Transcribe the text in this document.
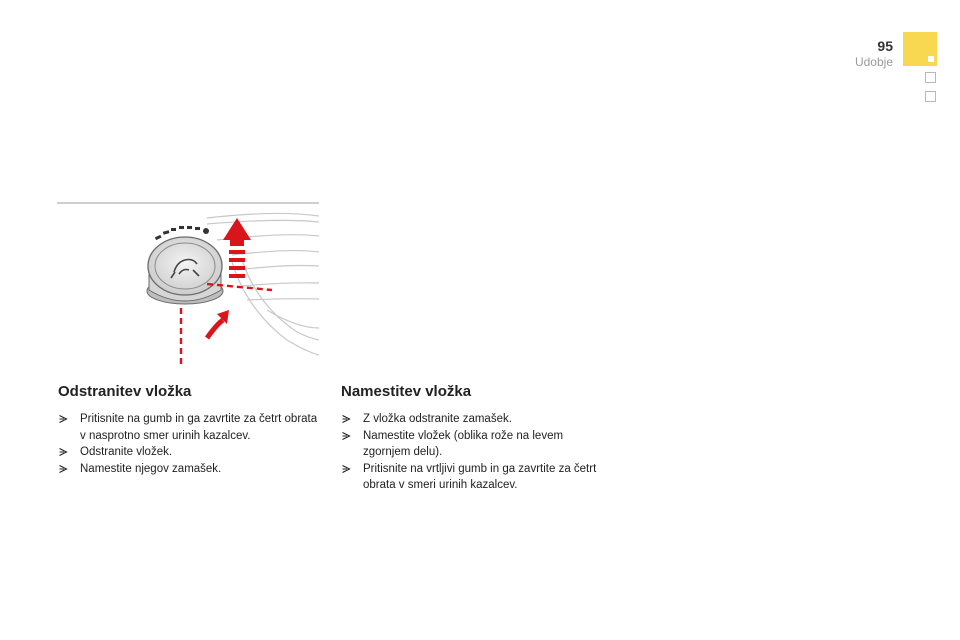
95
Udobje
Odstranitev vložka
Pritisnite na gumb in ga zavrtite za četrt obrata v nasprotno smer urinih kazalcev.
Odstranite vložek.
Namestite njegov zamašek.
Namestitev vložka
Z vložka odstranite zamašek.
Namestite vložek (oblika rože na levem zgornjem delu).
Pritisnite na vrtljivi gumb in ga zavrtite za četrt obrata v smeri urinih kazalcev.
